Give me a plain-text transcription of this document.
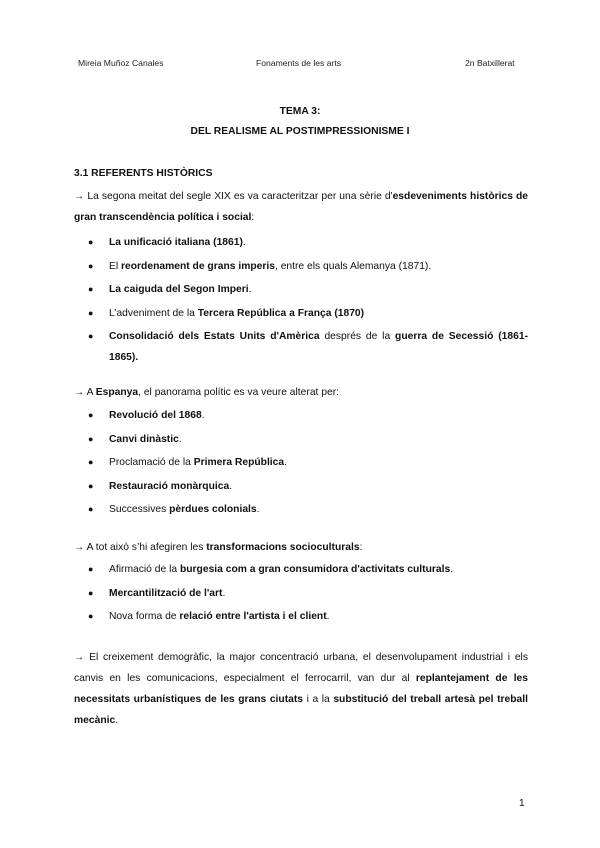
Mireia Muñoz Canales	Fonaments de les arts	2n Batxillerat
TEMA 3:
DEL REALISME AL POSTIMPRESSIONISME I
3.1 REFERENTS HISTÒRICS
→ La segona meitat del segle XIX es va caracteritzar per una sèrie d'esdeveniments històrics de gran transcendència política i social:
● La unificació italiana (1861).
● El reordenament de grans imperis, entre els quals Alemanya (1871).
● La caiguda del Segon Imperi.
● L’adveniment de la Tercera República a França (1870)
● Consolidació dels Estats Units d'Amèrica després de la guerra de Secessió (1861-1865).
→ A Espanya, el panorama polític es va veure alterat per:
● Revolució del 1868.
● Canvi dinàstic.
● Proclamació de la Primera República.
● Restauració monàrquica.
● Successives pèrdues colonials.
→ A tot això s’hi afegiren les transformacions socioculturals:
● Afirmació de la burgesia com a gran consumidora d'activitats culturals.
● Mercantilització de l'art.
● Nova forma de relació entre l'artista i el client.
→ El creixement demogràfic, la major concentració urbana, el desenvolupament industrial i els canvis en les comunicacions, especialment el ferrocarril, van dur al replantejament de les necessitats urbanístiques de les grans ciutats i a la substitució del treball artesà pel treball mecànic.
1
